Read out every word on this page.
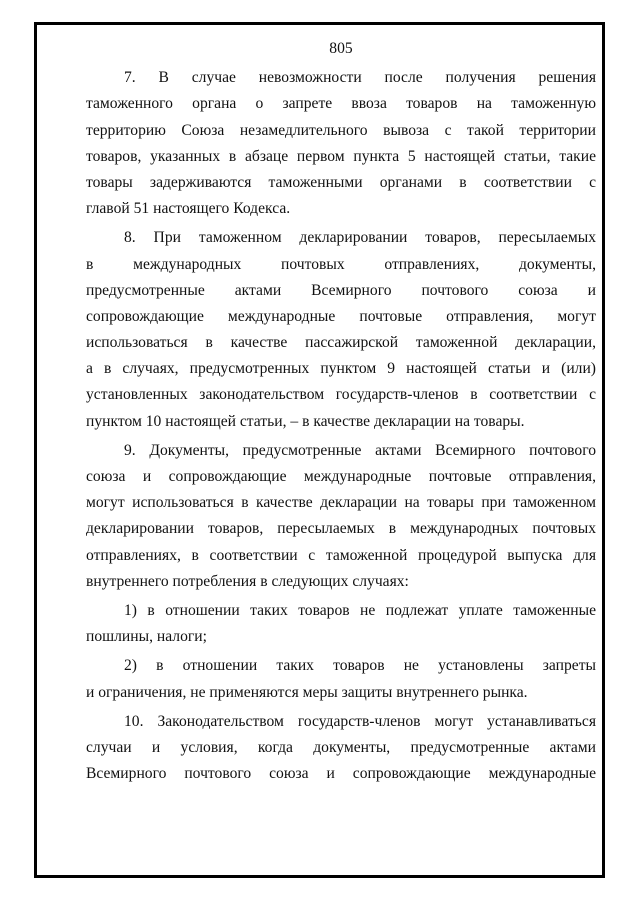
805
7. В случае невозможности после получения решения
таможенного органа о запрете ввоза товаров на таможенную
территорию Союза незамедлительного вывоза с такой территории
товаров, указанных в абзаце первом пункта 5 настоящей статьи, такие
товары задерживаются таможенными органами в соответствии с
главой 51 настоящего Кодекса.
8. При таможенном декларировании товаров, пересылаемых
в международных почтовых отправлениях, документы,
предусмотренные актами Всемирного почтового союза и
сопровождающие международные почтовые отправления, могут
использоваться в качестве пассажирской таможенной декларации,
а в случаях, предусмотренных пунктом 9 настоящей статьи и (или)
установленных законодательством государств-членов в соответствии с
пунктом 10 настоящей статьи, – в качестве декларации на товары.
9. Документы, предусмотренные актами Всемирного почтового
союза и сопровождающие международные почтовые отправления,
могут использоваться в качестве декларации на товары при таможенном
декларировании товаров, пересылаемых в международных почтовых
отправлениях, в соответствии с таможенной процедурой выпуска для
внутреннего потребления в следующих случаях:
1) в отношении таких товаров не подлежат уплате таможенные
пошлины, налоги;
2) в отношении таких товаров не установлены запреты
и ограничения, не применяются меры защиты внутреннего рынка.
10. Законодательством государств-членов могут устанавливаться
случаи и условия, когда документы, предусмотренные актами
Всемирного почтового союза и сопровождающие международные
